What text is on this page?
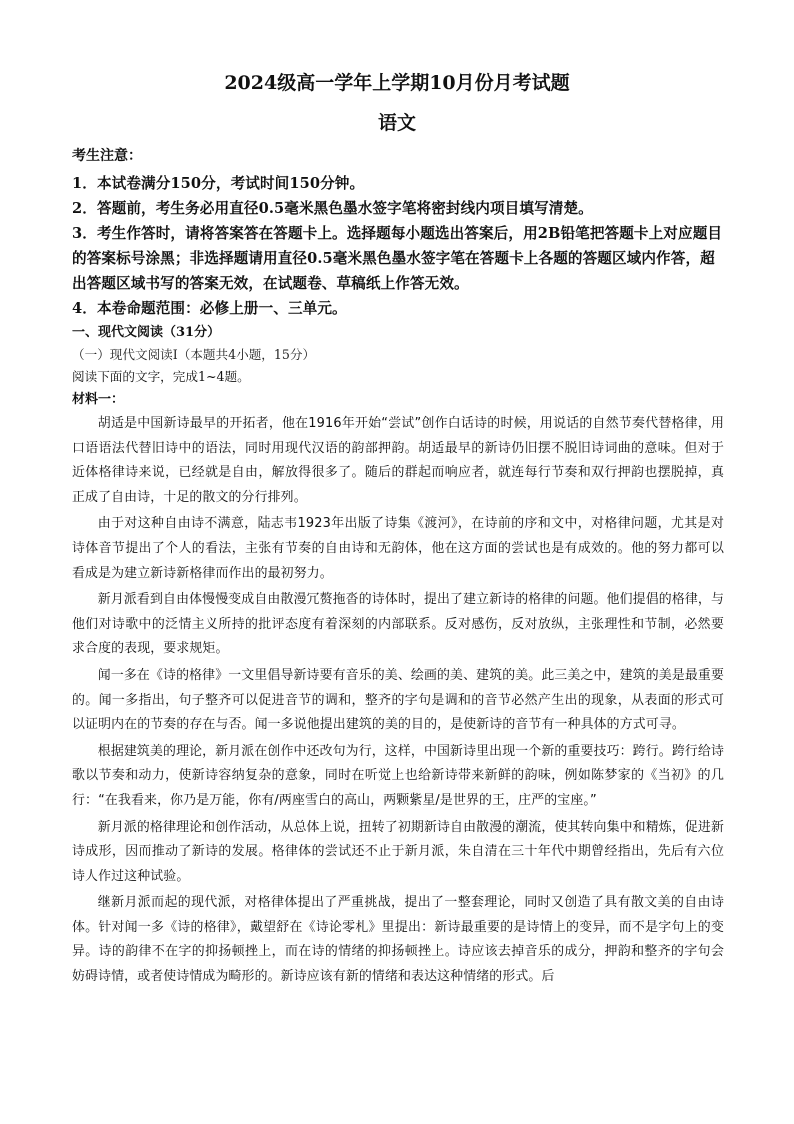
2024级高一学年上学期10月份月考试题
语文
考生注意：

1．本试卷满分150分，考试时间150分钟。

2．答题前，考生务必用直径0.5毫米黑色墨水签字笔将密封线内项目填写清楚。

3．考生作答时，请将答案答在答题卡上。选择题每小题选出答案后，用2B铅笔把答题卡上对应题目的答案标号涂黑；非选择题请用直径0.5毫米黑色墨水签字笔在答题卡上各题的答题区域内作答，超出答题区域书写的答案无效，在试题卷、草稿纸上作答无效。

4．本卷命题范围：必修上册一、三单元。

一、现代文阅读（31分）
（一）现代文阅读Ⅰ（本题共4小题，15分）
阅读下面的文字，完成1~4题。
材料一：

胡适是中国新诗最早的开拓者，他在1916年开始“尝试”创作白话诗的时候，用说话的自然节奏代替格律，用口语语法代替旧诗中的语法，同时用现代汉语的韵部押韵。胡适最早的新诗仍旧摆不脱旧诗词曲的意味。但对于近体格律诗来说，已经就是自由，解放得很多了。随后的群起而响应者，就连每行节奏和双行押韵也摆脱掉，真正成了自由诗，十足的散文的分行排列。

由于对这种自由诗不满意，陆志韦1923年出版了诗集《渡河》，在诗前的序和文中，对格律问题，尤其是对诗体音节提出了个人的看法，主张有节奏的自由诗和无韵体，他在这方面的尝试也是有成效的。他的努力都可以看成是为建立新诗新格律而作出的最初努力。

新月派看到自由体慢慢变成自由散漫冗赘拖沓的诗体时，提出了建立新诗的格律的问题。他们提倡的格律，与他们对诗歌中的泛情主义所持的批评态度有着深刻的内部联系。反对感伤，反对放纵，主张理性和节制，必然要求合度的表现，要求规矩。

闻一多在《诗的格律》一文里倡导新诗要有音乐的美、绘画的美、建筑的美。此三美之中，建筑的美是最重要的。闻一多指出，句子整齐可以促进音节的调和，整齐的字句是调和的音节必然产生出的现象，从表面的形式可以证明内在的节奏的存在与否。闻一多说他提出建筑的美的目的，是使新诗的音节有一种具体的方式可寻。

根据建筑美的理论，新月派在创作中还改句为行，这样，中国新诗里出现一个新的重要技巧：跨行。跨行给诗歌以节奏和动力，使新诗容纳复杂的意象，同时在听觉上也给新诗带来新鲜的韵味，例如陈梦家的《当初》的几行：“在我看来，你乃是万能，你有/两座雪白的高山，两颗紫星/是世界的王，庄严的宝座。”

新月派的格律理论和创作活动，从总体上说，扭转了初期新诗自由散漫的潮流，使其转向集中和精炼，促进新诗成形，因而推动了新诗的发展。格律体的尝试还不止于新月派，朱自清在三十年代中期曾经指出，先后有六位诗人作过这种试验。

继新月派而起的现代派，对格律体提出了严重挑战，提出了一整套理论，同时又创造了具有散文美的自由诗体。针对闻一多《诗的格律》，戴望舒在《诗论零札》里提出：新诗最重要的是诗情上的变异，而不是字句上的变异。诗的韵律不在字的抑扬顿挫上，而在诗的情绪的抑扬顿挫上。诗应该去掉音乐的成分，押韵和整齐的字句会妨碍诗情，或者使诗情成为畸形的。新诗应该有新的情绪和表达这种情绪的形式。后
